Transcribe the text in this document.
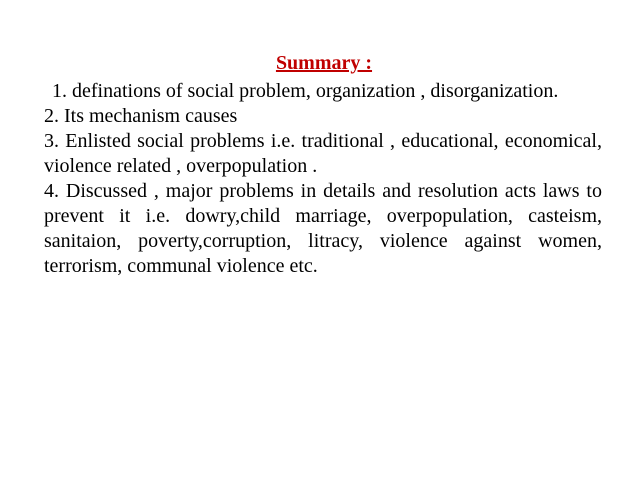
Summary :

1. definations of social problem, organization , disorganization.

2. Its mechanism causes

3. Enlisted social problems i.e. traditional , educational, economical, violence related , overpopulation .

4. Discussed , major problems in details and resolution acts laws to prevent it i.e. dowry,child marriage, overpopulation, casteism, sanitaion, poverty,corruption, litracy, violence against women, terrorism, communal violence etc.
